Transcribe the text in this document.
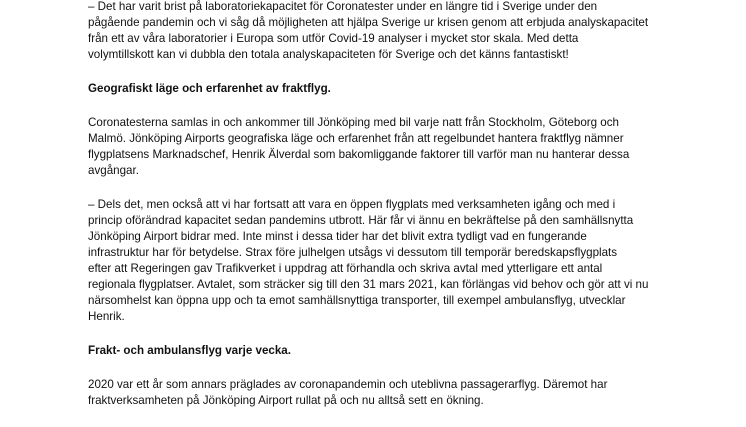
– Det har varit brist på laboratoriekapacitet för Coronatester under en längre tid i Sverige under den

pågående pandemin och vi såg då möjligheten att hjälpa Sverige ur krisen genom att erbjuda analyskapacitet

från ett av våra laboratorier i Europa som utför Covid-19 analyser i mycket stor skala. Med detta

volymtillskott kan vi dubbla den totala analyskapaciteten för Sverige och det känns fantastiskt!

Geografiskt läge och erfarenhet av fraktflyg.

Coronatesterna samlas in och ankommer till Jönköping med bil varje natt från Stockholm, Göteborg och

Malmö. Jönköping Airports geografiska läge och erfarenhet från att regelbundet hantera fraktflyg nämner

flygplatsens Marknadschef, Henrik Älverdal som bakomliggande faktorer till varför man nu hanterar dessa

avgångar.

– Dels det, men också att vi har fortsatt att vara en öppen flygplats med verksamheten igång och med i

princip oförändrad kapacitet sedan pandemins utbrott. Här får vi ännu en bekräftelse på den samhällsnytta

Jönköping Airport bidrar med. Inte minst i dessa tider har det blivit extra tydligt vad en fungerande

infrastruktur har för betydelse. Strax före julhelgen utsågs vi dessutom till temporär beredskapsflygplats

efter att Regeringen gav Trafikverket i uppdrag att förhandla och skriva avtal med ytterligare ett antal

regionala flygplatser. Avtalet, som sträcker sig till den 31 mars 2021, kan förlängas vid behov och gör att vi nu

närsomhelst kan öppna upp och ta emot samhällsnyttiga transporter, till exempel ambulansflyg, utvecklar

Henrik.

Frakt- och ambulansflyg varje vecka.

2020 var ett år som annars präglades av coronapandemin och uteblivna passagerarflyg. Däremot har

fraktverksamheten på Jönköping Airport rullat på och nu alltså sett en ökning.
